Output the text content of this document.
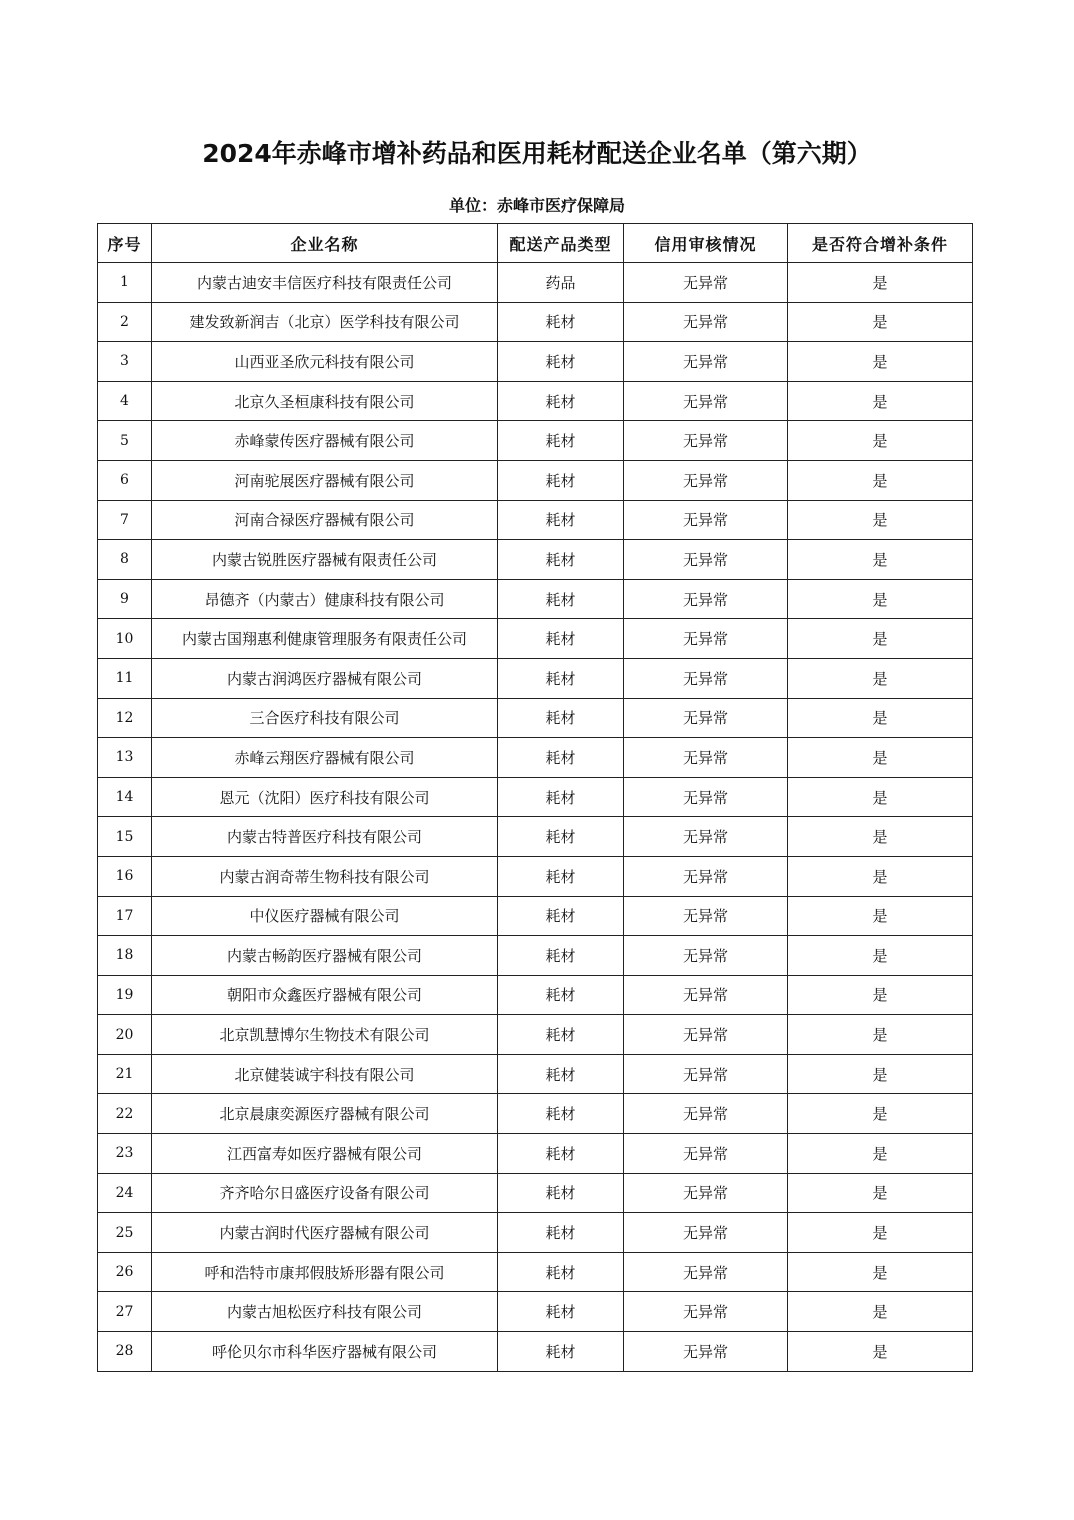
2024年赤峰市增补药品和医用耗材配送企业名单（第六期）
单位：赤峰市医疗保障局
序号	企业名称	配送产品类型	信用审核情况	是否符合增补条件
1	内蒙古迪安丰信医疗科技有限责任公司	药品	无异常	是
2	建发致新润吉（北京）医学科技有限公司	耗材	无异常	是
3	山西亚圣欣元科技有限公司	耗材	无异常	是
4	北京久圣桓康科技有限公司	耗材	无异常	是
5	赤峰蒙传医疗器械有限公司	耗材	无异常	是
6	河南驼展医疗器械有限公司	耗材	无异常	是
7	河南合禄医疗器械有限公司	耗材	无异常	是
8	内蒙古锐胜医疗器械有限责任公司	耗材	无异常	是
9	昂德齐（内蒙古）健康科技有限公司	耗材	无异常	是
10	内蒙古国翔惠利健康管理服务有限责任公司	耗材	无异常	是
11	内蒙古润鸿医疗器械有限公司	耗材	无异常	是
12	三合医疗科技有限公司	耗材	无异常	是
13	赤峰云翔医疗器械有限公司	耗材	无异常	是
14	恩元（沈阳）医疗科技有限公司	耗材	无异常	是
15	内蒙古特普医疗科技有限公司	耗材	无异常	是
16	内蒙古润奇蒂生物科技有限公司	耗材	无异常	是
17	中仪医疗器械有限公司	耗材	无异常	是
18	内蒙古畅韵医疗器械有限公司	耗材	无异常	是
19	朝阳市众鑫医疗器械有限公司	耗材	无异常	是
20	北京凯慧博尔生物技术有限公司	耗材	无异常	是
21	北京健装诚宇科技有限公司	耗材	无异常	是
22	北京晨康奕源医疗器械有限公司	耗材	无异常	是
23	江西富寿如医疗器械有限公司	耗材	无异常	是
24	齐齐哈尔日盛医疗设备有限公司	耗材	无异常	是
25	内蒙古润时代医疗器械有限公司	耗材	无异常	是
26	呼和浩特市康邦假肢矫形器有限公司	耗材	无异常	是
27	内蒙古旭松医疗科技有限公司	耗材	无异常	是
28	呼伦贝尔市科华医疗器械有限公司	耗材	无异常	是
